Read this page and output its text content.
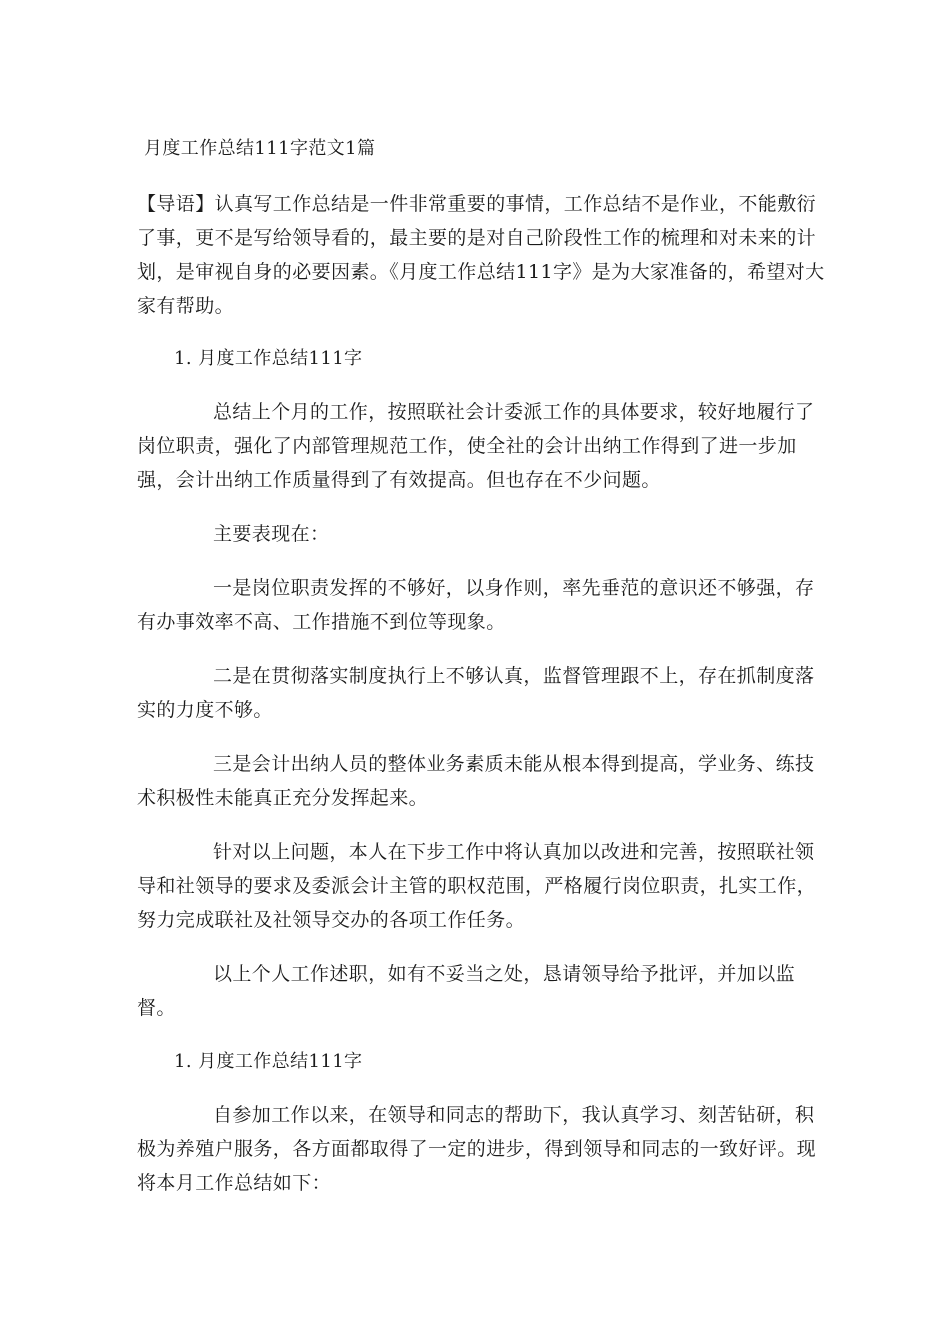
月度工作总结111字范文1篇

【导语】认真写工作总结是一件非常重要的事情，工作总结不是作业，不能敷衍了事，更不是写给领导看的，最主要的是对自己阶段性工作的梳理和对未来的计划，是审视自身的必要因素。《月度工作总结111字》是为大家准备的，希望对大家有帮助。

1. 月度工作总结111字

总结上个月的工作，按照联社会计委派工作的具体要求，较好地履行了岗位职责，强化了内部管理规范工作，使全社的会计出纳工作得到了进一步加强，会计出纳工作质量得到了有效提高。但也存在不少问题。

主要表现在：

一是岗位职责发挥的不够好，以身作则，率先垂范的意识还不够强，存有办事效率不高、工作措施不到位等现象。

二是在贯彻落实制度执行上不够认真，监督管理跟不上，存在抓制度落实的力度不够。

三是会计出纳人员的整体业务素质未能从根本得到提高，学业务、练技术积极性未能真正充分发挥起来。

针对以上问题，本人在下步工作中将认真加以改进和完善，按照联社领导和社领导的要求及委派会计主管的职权范围，严格履行岗位职责，扎实工作，努力完成联社及社领导交办的各项工作任务。

以上个人工作述职，如有不妥当之处，恳请领导给予批评，并加以监督。

1. 月度工作总结111字

自参加工作以来，在领导和同志的帮助下，我认真学习、刻苦钻研，积极为养殖户服务，各方面都取得了一定的进步，得到领导和同志的一致好评。现将本月工作总结如下：
